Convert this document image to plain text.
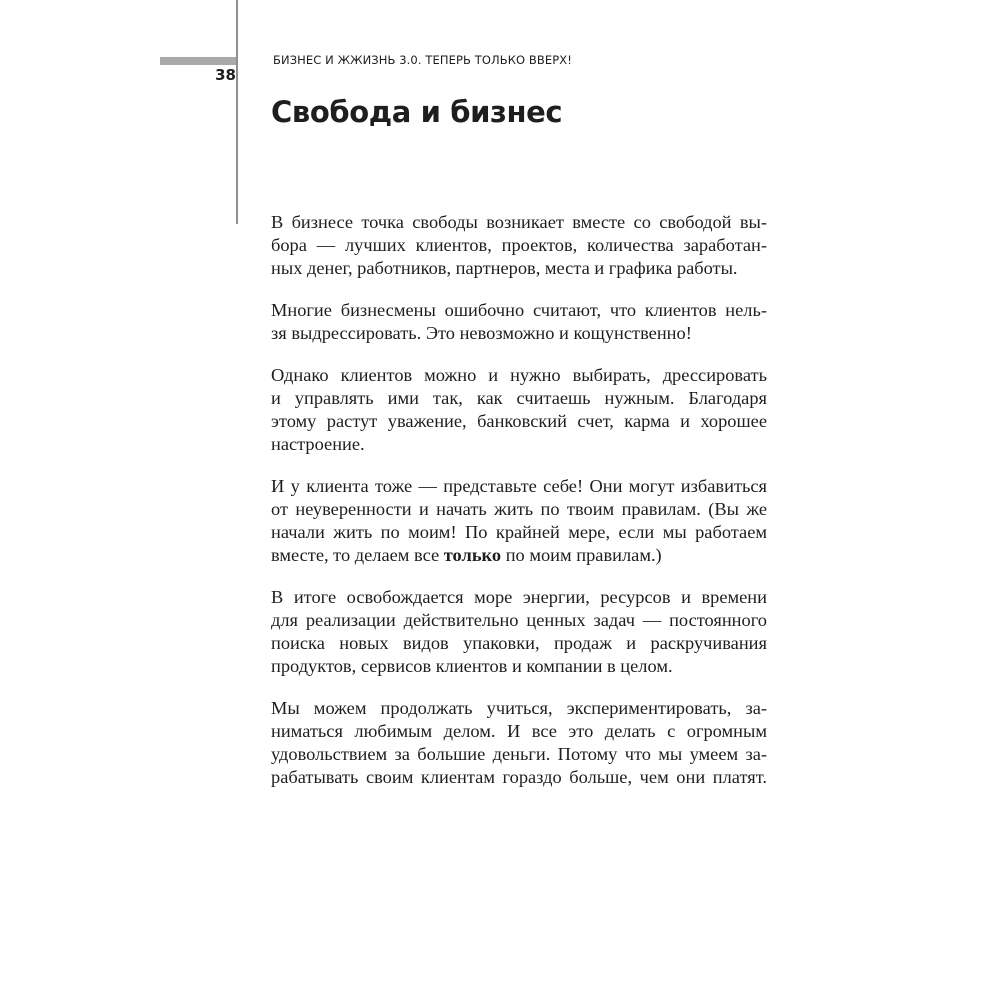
38
БИЗНЕС И ЖЖИЗНЬ 3.0. ТЕПЕРЬ ТОЛЬКО ВВЕРХ!
Свобода и бизнес

В бизнесе точка свободы возникает вместе со свободой вы-
бора — лучших клиентов, проектов, количества заработан-
ных денег, работников, партнеров, места и графика работы.

Многие бизнесмены ошибочно считают, что клиентов нель-
зя выдрессировать. Это невозможно и кощунственно!

Однако клиентов можно и нужно выбирать, дрессировать
и управлять ими так, как считаешь нужным. Благодаря
этому растут уважение, банковский счет, карма и хорошее
настроение.

И у клиента тоже — представьте себе! Они могут избавиться
от неуверенности и начать жить по твоим правилам. (Вы же
начали жить по моим! По крайней мере, если мы работаем
вместе, то делаем все только по моим правилам.)

В итоге освобождается море энергии, ресурсов и времени
для реализации действительно ценных задач — постоянного
поиска новых видов упаковки, продаж и раскручивания
продуктов, сервисов клиентов и компании в целом.

Мы можем продолжать учиться, экспериментировать, за-
ниматься любимым делом. И все это делать с огромным
удовольствием за большие деньги. Потому что мы умеем за-
рабатывать своим клиентам гораздо больше, чем они платят.
